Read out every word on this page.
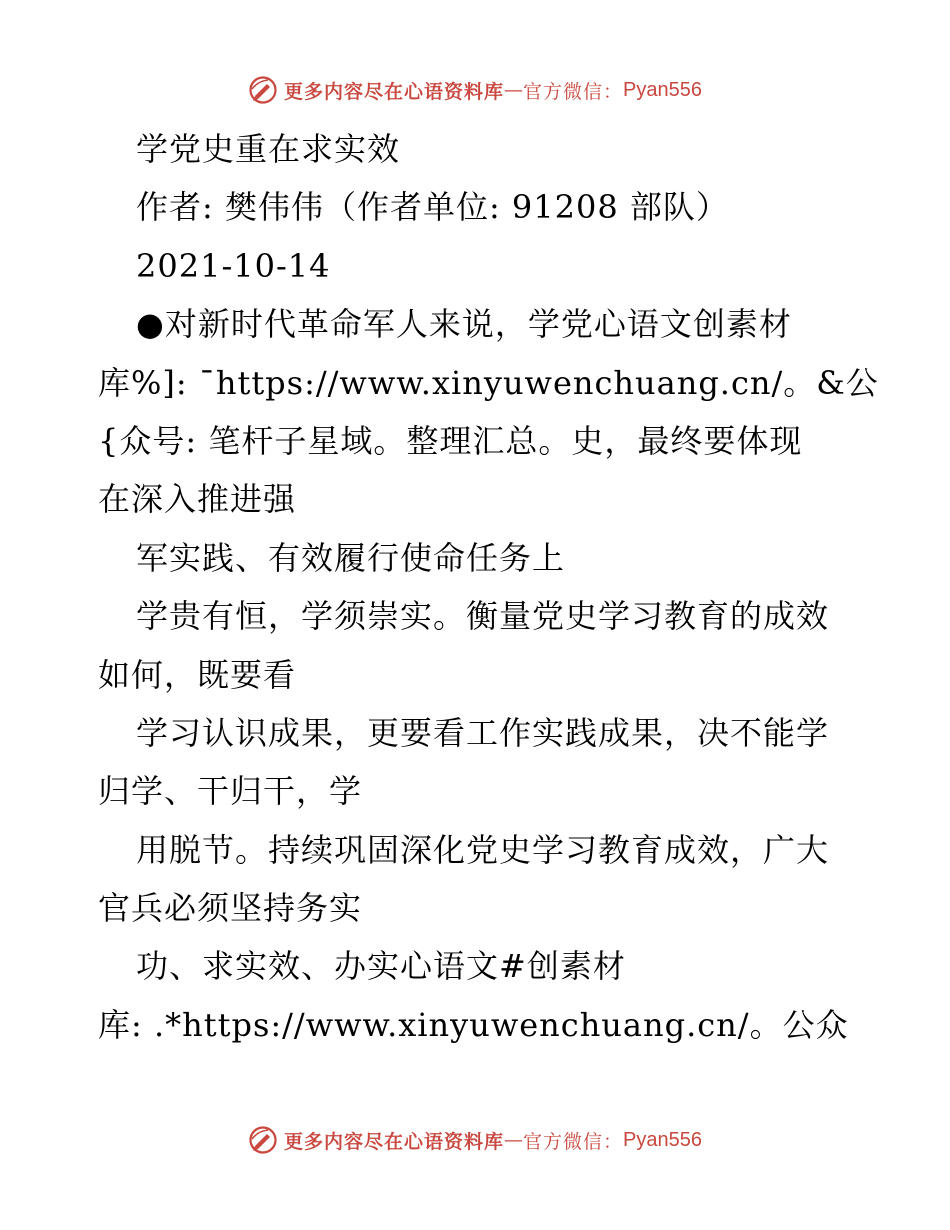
更多内容尽在心语资料库 — 官方微信： Pyan556
学党史重在求实效
作者: 樊伟伟（作者单位: 91208 部队）
2021-10-14
●对新时代革命军人来说，学党心语文创素材
库%]: ¯https://www.xinyuwenchuang.cn/。&公
{众号: 笔杆子星域。整理汇总。史，最终要体现
在深入推进强
军实践、有效履行使命任务上
学贵有恒，学须崇实。衡量党史学习教育的成效
如何，既要看
学习认识成果，更要看工作实践成果，决不能学
归学、干归干，学
用脱节。持续巩固深化党史学习教育成效，广大
官兵必须坚持务实
功、求实效、办实心语文#创素材
库: .*https://www.xinyuwenchuang.cn/。公众
更多内容尽在心语资料库 — 官方微信： Pyan556
